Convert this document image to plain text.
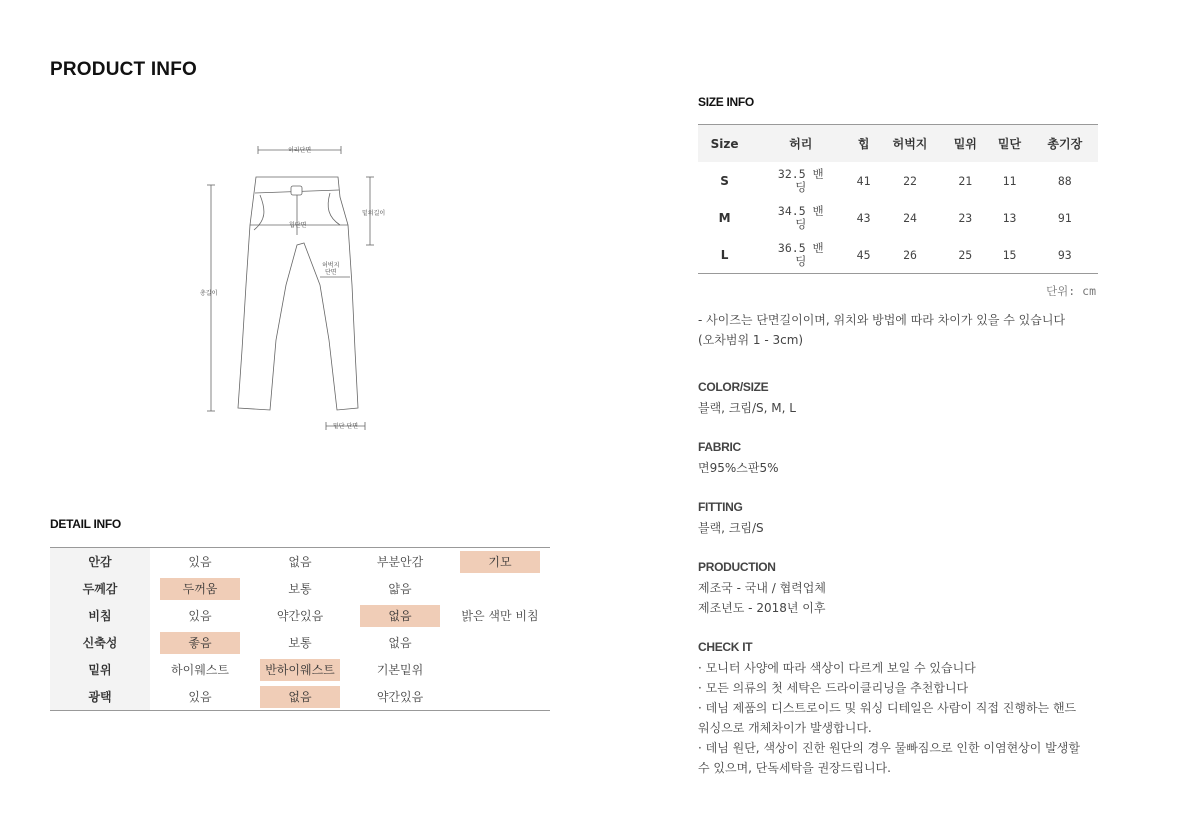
PRODUCT INFO
허리단면
밑위길이
힙단면
허벅지
단면
총길이
밑단 단면
DETAIL INFO
안감	있음	없음	부분안감	기모
두께감	두꺼움	보통	얇음	
비침	있음	약간있음	없음	밝은 색만 비침
신축성	좋음	보통	없음	
밑위	하이웨스트	반하이웨스트	기본밑위	
광택	있음	없음	약간있음	
SIZE INFO
Size	허리	힙	허벅지	밑위	밑단	총기장
S	32.5 밴딩	41	22	21	11	88
M	34.5 밴딩	43	24	23	13	91
L	36.5 밴딩	45	26	25	15	93
단위: cm
- 사이즈는 단면길이이며, 위치와 방법에 따라 차이가 있을 수 있습니다
(오차범위 1 - 3cm)
COLOR/SIZE
블랙, 크림/S, M, L
FABRIC
면95%스판5%
FITTING
블랙, 크림/S
PRODUCTION
제조국 - 국내 / 협력업체
제조년도 - 2018년 이후
CHECK IT
· 모니터 사양에 따라 색상이 다르게 보일 수 있습니다
· 모든 의류의 첫 세탁은 드라이클리닝을 추천합니다
· 데님 제품의 디스트로이드 및 워싱 디테일은 사람이 직접 진행하는 핸드
워싱으로 개체차이가 발생합니다.
· 데님 원단, 색상이 진한 원단의 경우 물빠짐으로 인한 이염현상이 발생할
수 있으며, 단독세탁을 권장드립니다.
